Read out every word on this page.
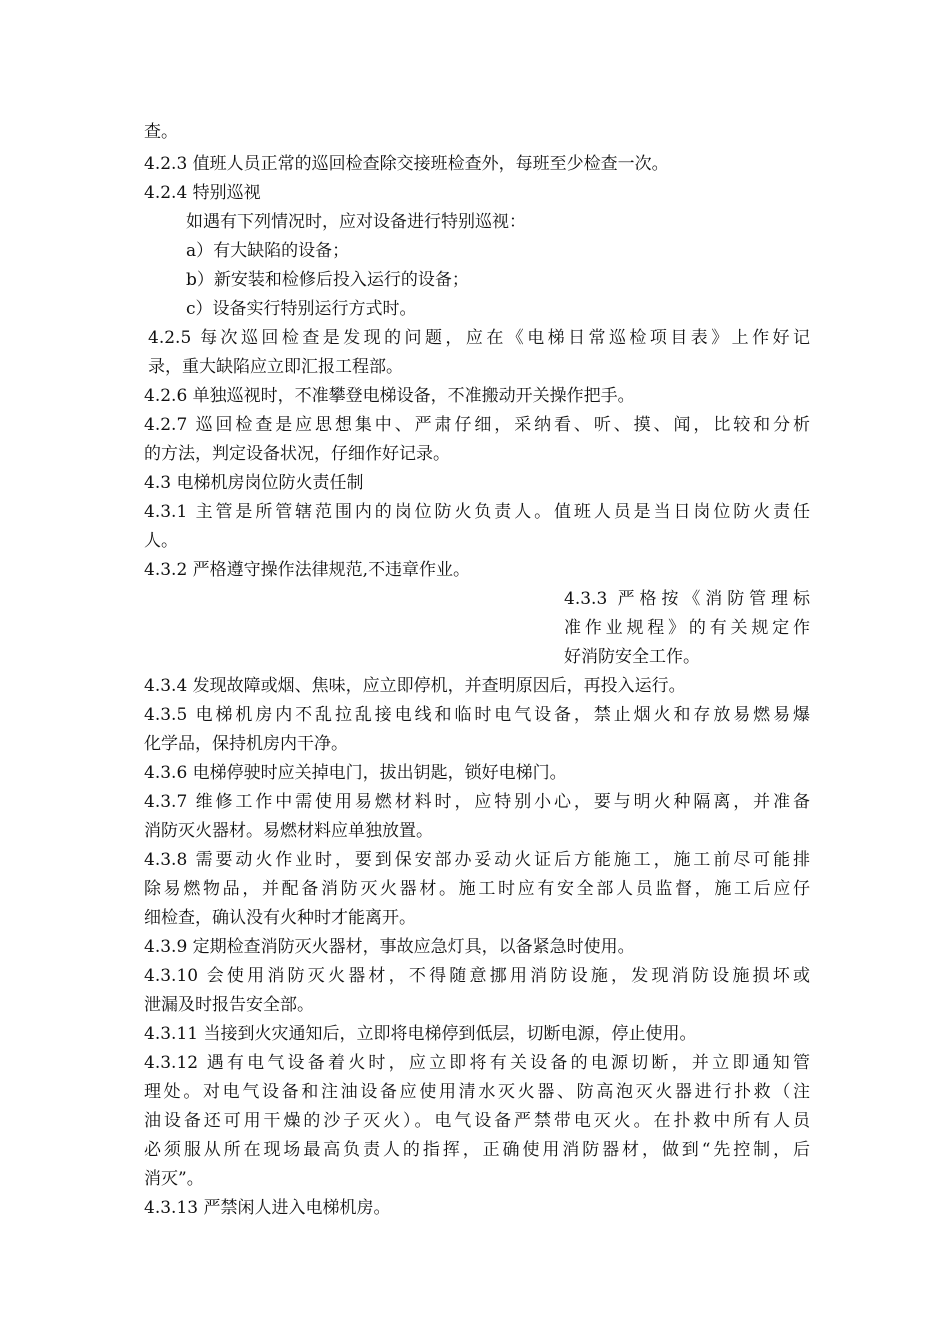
查。
4.2.3 值班人员正常的巡回检查除交接班检查外，每班至少检查一次。
4.2.4 特别巡视
如遇有下列情况时，应对设备进行特别巡视：
a）有大缺陷的设备；
b）新安装和检修后投入运行的设备；
c）设备实行特别运行方式时。
4.2.5 每次巡回检查是发现的问题，应在《电梯日常巡检项目表》上作好记
录，重大缺陷应立即汇报工程部。
4.2.6 单独巡视时，不准攀登电梯设备，不准搬动开关操作把手。
4.2.7 巡回检查是应思想集中、严肃仔细，采纳看、听、摸、闻，比较和分析
的方法，判定设备状况，仔细作好记录。
4.3 电梯机房岗位防火责任制
4.3.1 主管是所管辖范围内的岗位防火负责人。值班人员是当日岗位防火责任
人。
4.3.2 严格遵守操作法律规范,不违章作业。
4.3.3 严格按《消防管理标
准作业规程》的有关规定作
好消防安全工作。
4.3.4 发现故障或烟、焦味，应立即停机，并查明原因后，再投入运行。
4.3.5 电梯机房内不乱拉乱接电线和临时电气设备，禁止烟火和存放易燃易爆
化学品，保持机房内干净。
4.3.6 电梯停驶时应关掉电门，拔出钥匙，锁好电梯门。
4.3.7 维修工作中需使用易燃材料时，应特别小心，要与明火种隔离，并准备
消防灭火器材。易燃材料应单独放置。
4.3.8 需要动火作业时，要到保安部办妥动火证后方能施工，施工前尽可能排
除易燃物品，并配备消防灭火器材。施工时应有安全部人员监督，施工后应仔
细检查，确认没有火种时才能离开。
4.3.9 定期检查消防灭火器材，事故应急灯具，以备紧急时使用。
4.3.10 会使用消防灭火器材，不得随意挪用消防设施，发现消防设施损坏或
泄漏及时报告安全部。
4.3.11 当接到火灾通知后，立即将电梯停到低层，切断电源，停止使用。
4.3.12 遇有电气设备着火时，应立即将有关设备的电源切断，并立即通知管
理处。对电气设备和注油设备应使用清水灭火器、防高泡灭火器进行扑救（注
油设备还可用干燥的沙子灭火）。电气设备严禁带电灭火。在扑救中所有人员
必须服从所在现场最高负责人的指挥，正确使用消防器材，做到“先控制，后
消灭”。
4.3.13 严禁闲人进入电梯机房。
